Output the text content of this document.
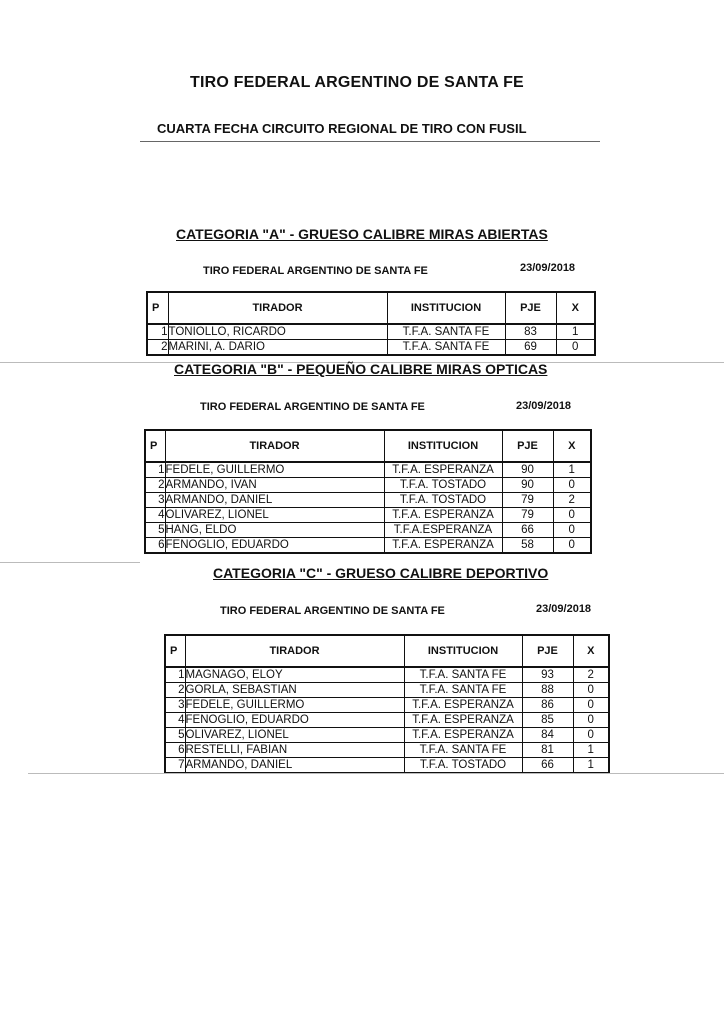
TIRO FEDERAL ARGENTINO DE SANTA FE
CUARTA FECHA CIRCUITO REGIONAL DE TIRO CON FUSIL
CATEGORIA "A" - GRUESO CALIBRE MIRAS ABIERTAS
TIRO FEDERAL ARGENTINO DE SANTA FE	23/09/2018
P	TIRADOR	INSTITUCION	PJE	X
1	TONIOLLO, RICARDO	T.F.A. SANTA FE	83	1
2	MARINI, A. DARIO	T.F.A. SANTA FE	69	0
CATEGORIA "B" - PEQUEÑO CALIBRE MIRAS OPTICAS
TIRO FEDERAL ARGENTINO DE SANTA FE	23/09/2018
P	TIRADOR	INSTITUCION	PJE	X
1	FEDELE, GUILLERMO	T.F.A. ESPERANZA	90	1
2	ARMANDO, IVAN	T.F.A. TOSTADO	90	0
3	ARMANDO, DANIEL	T.F.A. TOSTADO	79	2
4	OLIVAREZ, LIONEL	T.F.A. ESPERANZA	79	0
5	HANG, ELDO	T.F.A.ESPERANZA	66	0
6	FENOGLIO, EDUARDO	T.F.A. ESPERANZA	58	0
CATEGORIA "C" - GRUESO CALIBRE DEPORTIVO
TIRO FEDERAL ARGENTINO DE SANTA FE	23/09/2018
P	TIRADOR	INSTITUCION	PJE	X
1	MAGNAGO, ELOY	T.F.A. SANTA FE	93	2
2	GORLA, SEBASTIAN	T.F.A. SANTA FE	88	0
3	FEDELE, GUILLERMO	T.F.A. ESPERANZA	86	0
4	FENOGLIO, EDUARDO	T.F.A. ESPERANZA	85	0
5	OLIVAREZ, LIONEL	T.F.A. ESPERANZA	84	0
6	RESTELLI, FABIAN	T.F.A. SANTA FE	81	1
7	ARMANDO, DANIEL	T.F.A. TOSTADO	66	1
